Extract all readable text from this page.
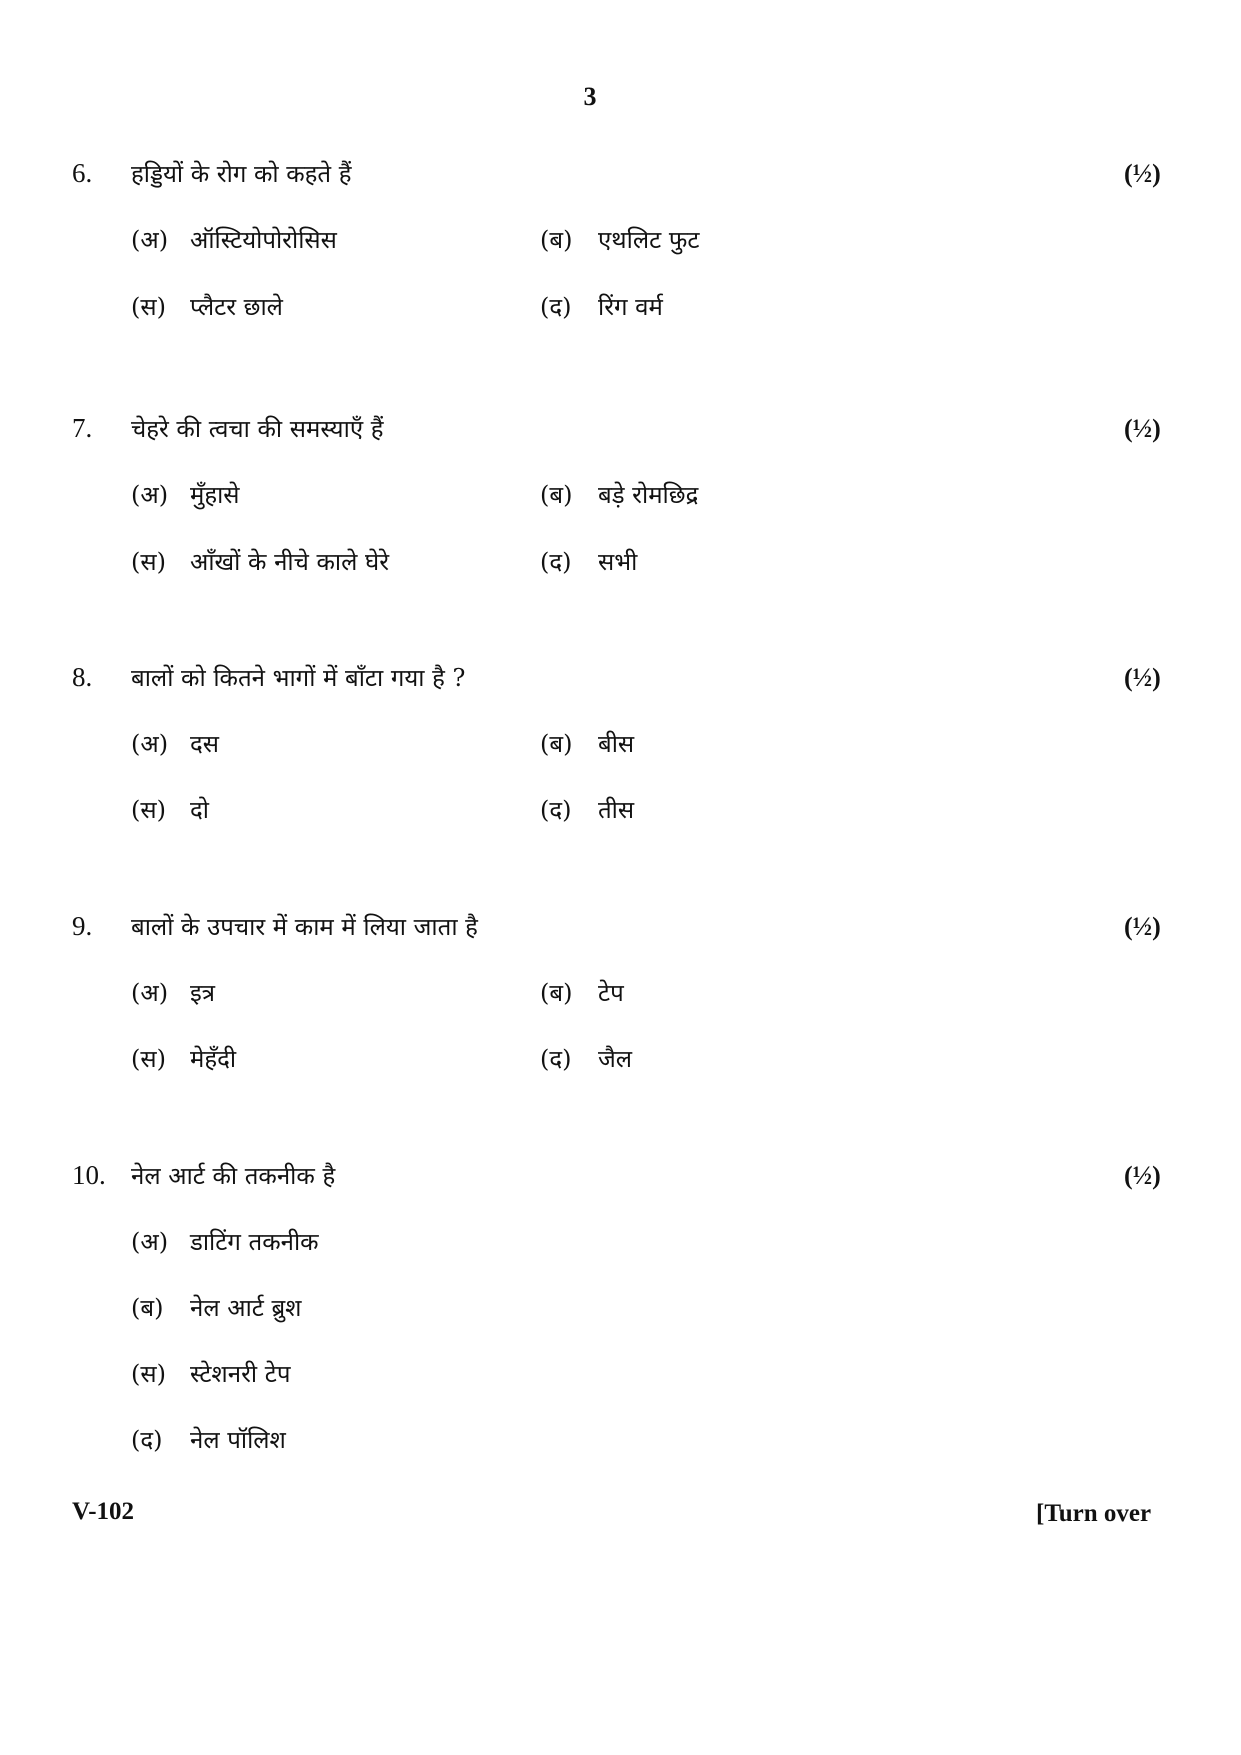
3
6. हड्डियों के रोग को कहते हैं	(½)
(अ) ऑस्टियोपोरोसिस	(ब) एथलिट फुट
(स) प्लैटर छाले	(द) रिंग वर्म
7. चेहरे की त्वचा की समस्याएँ हैं	(½)
(अ) मुँहासे	(ब) बड़े रोमछिद्र
(स) आँखों के नीचे काले घेरे	(द) सभी
8. बालों को कितने भागों में बाँटा गया है ?	(½)
(अ) दस	(ब) बीस
(स) दो	(द) तीस
9. बालों के उपचार में काम में लिया जाता है	(½)
(अ) इत्र	(ब) टेप
(स) मेहँदी	(द) जैल
10. नेल आर्ट की तकनीक है	(½)
(अ) डाटिंग तकनीक
(ब) नेल आर्ट ब्रुश
(स) स्टेशनरी टेप
(द) नेल पॉलिश
V-102	[Turn over
